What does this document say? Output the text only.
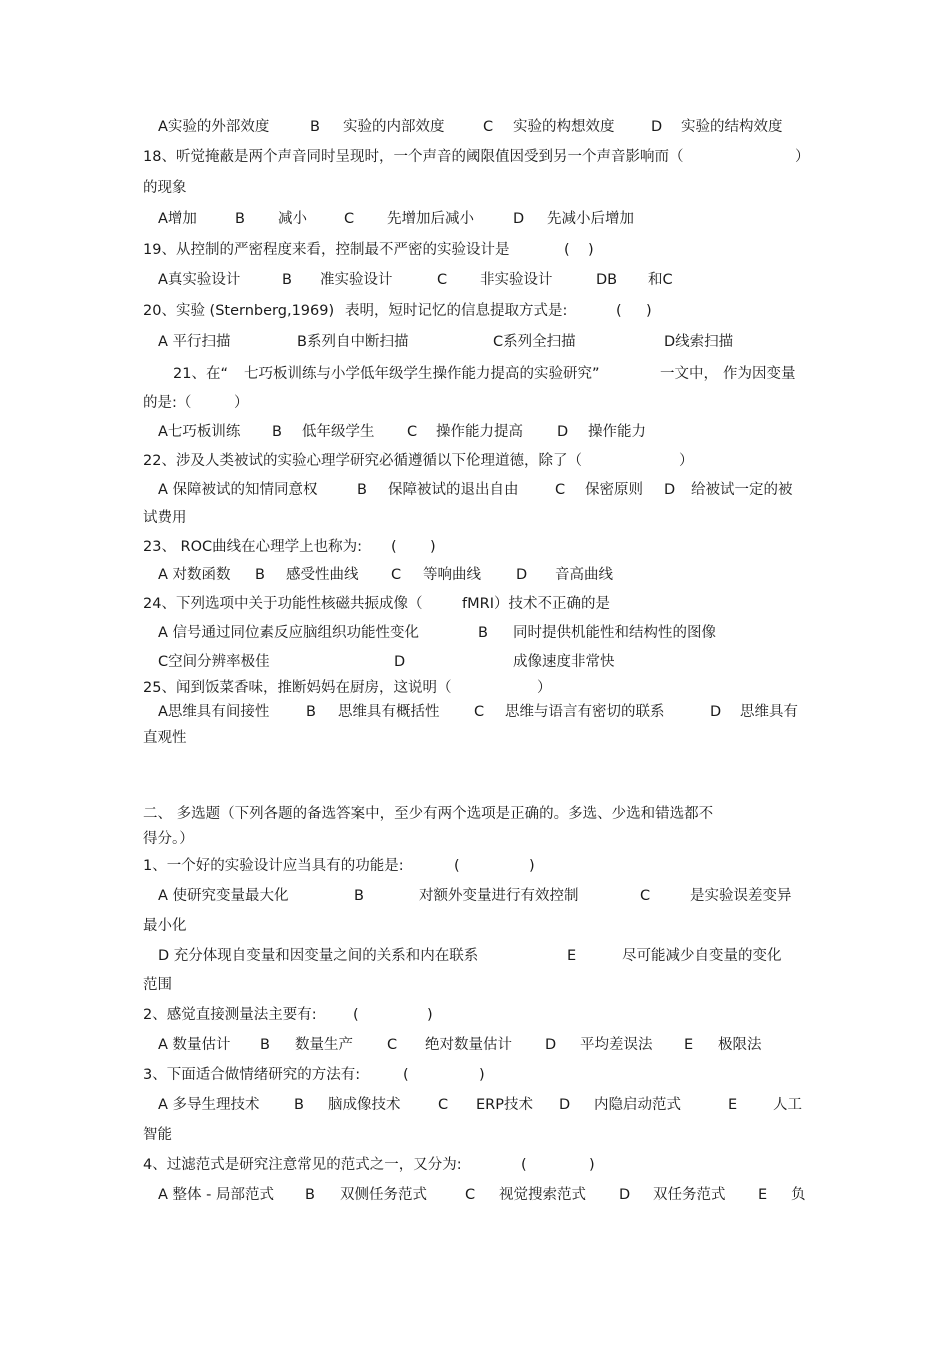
A实验的外部效度	B 实验的内部效度	C 实验的构想效度	D 实验的结构效度
18、听觉掩蔽是两个声音同时呈现时，一个声音的阈限值因受到另一个声音影响而（	）
的现象
A增加	B 减小	C 先增加后减小	D 先减小后增加
19、从控制的严密程度来看，控制最不严密的实验设计是	( )
A真实验设计	B 准实验设计	C 非实验设计	DB 和C
20、实验 (Sternberg,1969) 表明，短时记忆的信息提取方式是:	( )
A 平行扫描	B系列自中断扫描	C系列全扫描	D线索扫描
21、在“ 七巧板训练与小学低年级学生操作能力提高的实验研究”	一文中， 作为因变量
的是:（	）
A七巧板训练 B 低年级学生 C 操作能力提高 D 操作能力
22、涉及人类被试的实验心理学研究必循遵循以下伦理道德，除了（	）
A 保障被试的知情同意权	B 保障被试的退出自由	C 保密原则 D 给被试一定的被
试费用
23、 ROC曲线在心理学上也称为: ( )
A 对数函数 B 感受性曲线 C 等响曲线 D 音高曲线
24、下列选项中关于功能性核磁共振成像（	fMRI）技术不正确的是
A 信号通过同位素反应脑组织功能性变化	B 同时提供机能性和结构性的图像
C空间分辨率极佳	D	成像速度非常快
25、闻到饭菜香味，推断妈妈在厨房，这说明（	）
A思维具有间接性	B 思维具有概括性 C 思维与语言有密切的联系	D 思维具有
直观性
二、 多选题（下列各题的备选答案中，至少有两个选项是正确的。多选、少选和错选都不
得分。）
1、一个好的实验设计应当具有的功能是:	(	)
A 使研究变量最大化	B	对额外变量进行有效控制	C	是实验误差变异
最小化
D 充分体现自变量和因变量之间的关系和内在联系	E	尽可能减少自变量的变化
范围
2、感觉直接测量法主要有:	(	)
A 数量估计 B 数量生产 C 绝对数量估计 D 平均差误法 E 极限法
3、下面适合做情绪研究的方法有:	(	)
A 多导生理技术 B 脑成像技术	C ERP技术 D 内隐启动范式	E 人工
智能
4、过滤范式是研究注意常见的范式之一，又分为:	(	)
A 整体 - 局部范式 B 双侧任务范式	C 视觉搜索范式 D 双任务范式 E 负
